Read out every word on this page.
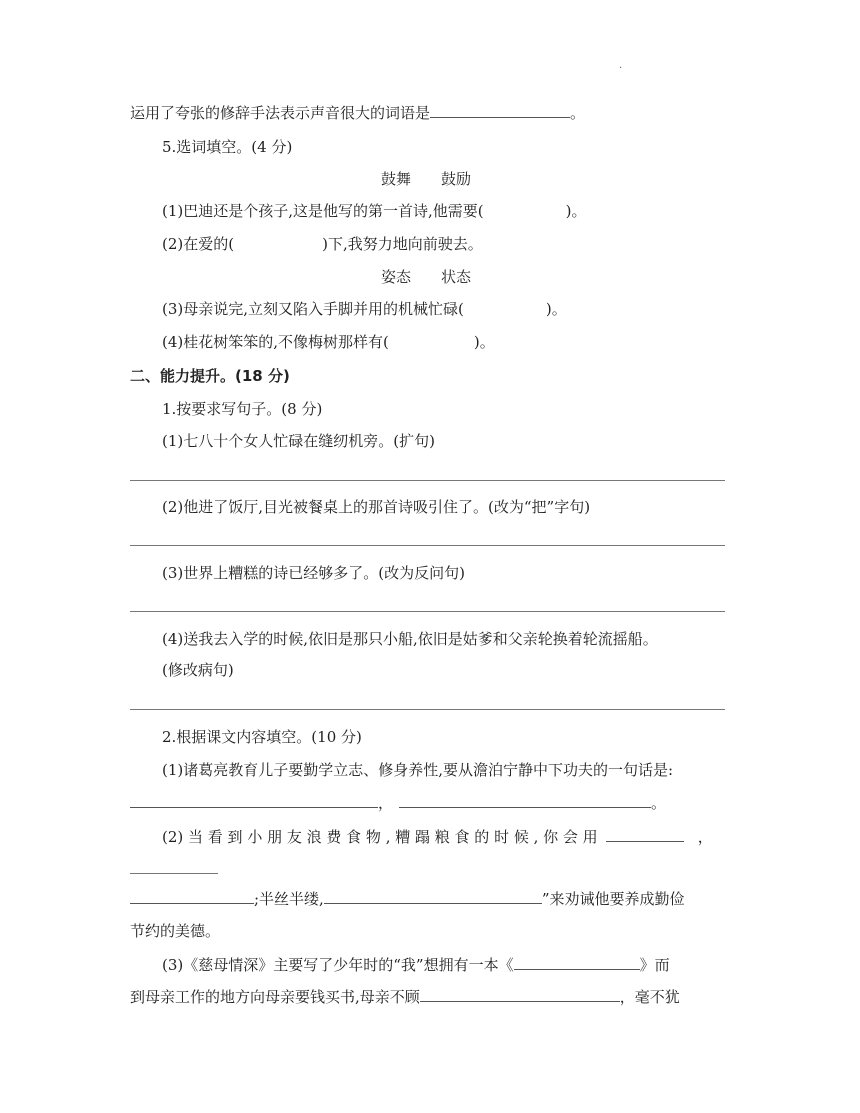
.
运用了夸张的修辞手法表示声音很大的词语是	。
5.选词填空。(4 分)
鼓舞　　鼓励
(1)巴迪还是个孩子,这是他写的第一首诗,他需要(	)。
(2)在爱的(	)下,我努力地向前驶去。
姿态　　状态
(3)母亲说完,立刻又陷入手脚并用的机械忙碌(	)。
(4)桂花树笨笨的,不像梅树那样有(	)。
二、能力提升。(18 分)
1.按要求写句子。(8 分)
(1)七八十个女人忙碌在缝纫机旁。(扩句)
(2)他进了饭厅,目光被餐桌上的那首诗吸引住了。(改为“把”字句)
(3)世界上糟糕的诗已经够多了。(改为反问句)
(4)送我去入学的时候,依旧是那只小船,依旧是姑爹和父亲轮换着轮流摇船。
(修改病句)
2.根据课文内容填空。(10 分)
(1)诸葛亮教育儿子要勤学立志、修身养性,要从澹泊宁静中下功夫的一句话是:
，	。
(2) 当 看 到 小 朋 友 浪 费 食 物 , 糟 蹋 粮 食 的 时 候 , 你 会 用	，
;半丝半缕,	”来劝诫他要养成勤俭
节约的美德。
(3)《慈母情深》主要写了少年时的“我”想拥有一本《	》而
到母亲工作的地方向母亲要钱买书,母亲不顾	，毫不犹
